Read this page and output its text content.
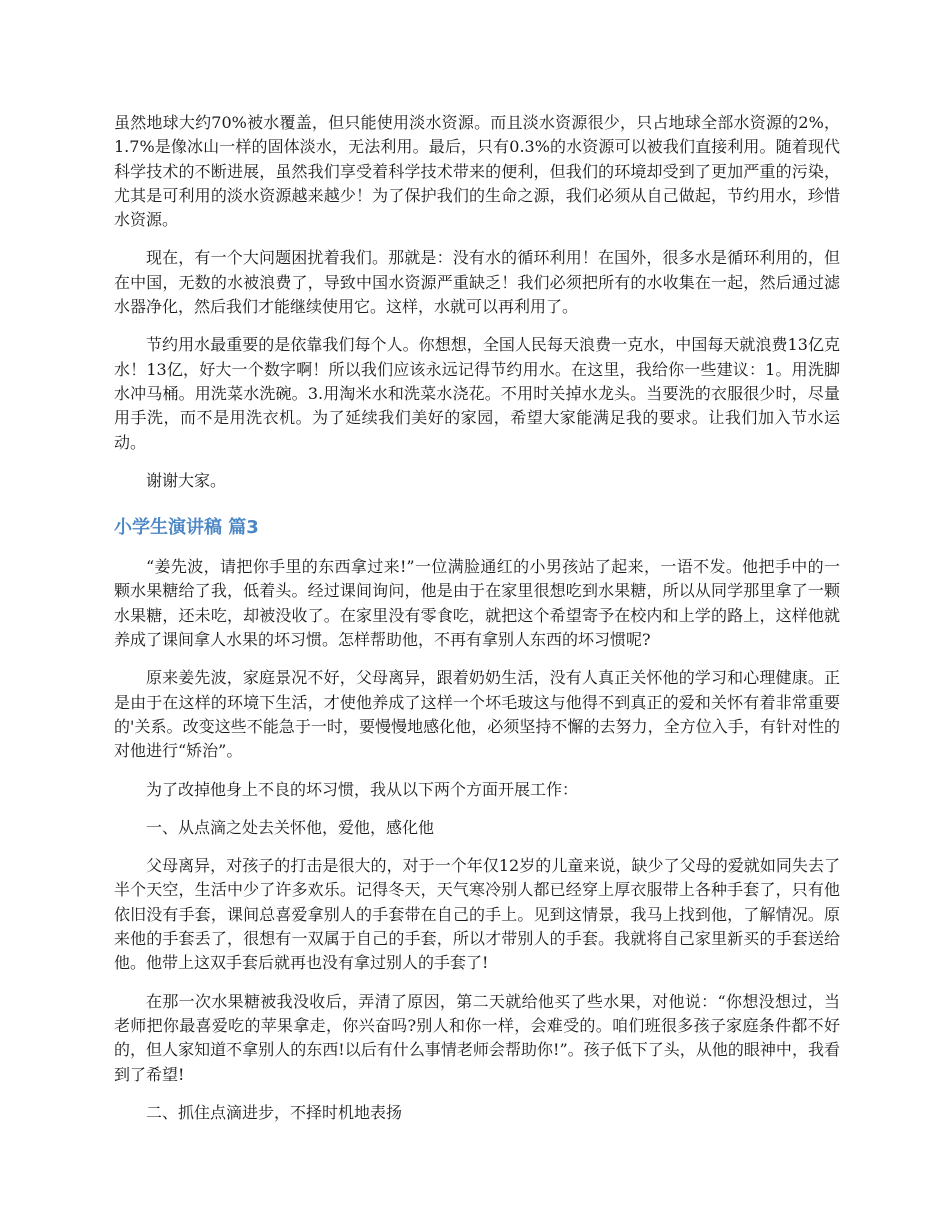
虽然地球大约70%被水覆盖，但只能使用淡水资源。而且淡水资源很少，只占地球全部水资源的2%，1.7%是像冰山一样的固体淡水，无法利用。最后，只有0.3%的水资源可以被我们直接利用。随着现代科学技术的不断进展，虽然我们享受着科学技术带来的便利，但我们的环境却受到了更加严重的污染，尤其是可利用的淡水资源越来越少！为了保护我们的生命之源，我们必须从自己做起，节约用水，珍惜水资源。

现在，有一个大问题困扰着我们。那就是：没有水的循环利用！在国外，很多水是循环利用的，但在中国，无数的水被浪费了，导致中国水资源严重缺乏！我们必须把所有的水收集在一起，然后通过滤水器净化，然后我们才能继续使用它。这样，水就可以再利用了。

节约用水最重要的是依靠我们每个人。你想想，全国人民每天浪费一克水，中国每天就浪费13亿克水！13亿，好大一个数字啊！所以我们应该永远记得节约用水。在这里，我给你一些建议：1。用洗脚水冲马桶。用洗菜水洗碗。3.用淘米水和洗菜水浇花。不用时关掉水龙头。当要洗的衣服很少时，尽量用手洗，而不是用洗衣机。为了延续我们美好的家园，希望大家能满足我的要求。让我们加入节水运动。

谢谢大家。

小学生演讲稿 篇3

“姜先波，请把你手里的东西拿过来!”一位满脸通红的小男孩站了起来，一语不发。他把手中的一颗水果糖给了我，低着头。经过课间询问，他是由于在家里很想吃到水果糖，所以从同学那里拿了一颗水果糖，还未吃，却被没收了。在家里没有零食吃，就把这个希望寄予在校内和上学的路上，这样他就养成了课间拿人水果的坏习惯。怎样帮助他，不再有拿别人东西的坏习惯呢?

原来姜先波，家庭景况不好，父母离异，跟着奶奶生活，没有人真正关怀他的学习和心理健康。正是由于在这样的环境下生活，才使他养成了这样一个坏毛玻这与他得不到真正的爱和关怀有着非常重要的'关系。改变这些不能急于一时，要慢慢地感化他，必须坚持不懈的去努力，全方位入手，有针对性的对他进行“矫治”。

为了改掉他身上不良的坏习惯，我从以下两个方面开展工作：

一、从点滴之处去关怀他，爱他，感化他

父母离异，对孩子的打击是很大的，对于一个年仅12岁的儿童来说，缺少了父母的爱就如同失去了半个天空，生活中少了许多欢乐。记得冬天，天气寒冷别人都已经穿上厚衣服带上各种手套了，只有他依旧没有手套，课间总喜爱拿别人的手套带在自己的手上。见到这情景，我马上找到他，了解情况。原来他的手套丢了，很想有一双属于自己的手套，所以才带别人的手套。我就将自己家里新买的手套送给他。他带上这双手套后就再也没有拿过别人的手套了!

在那一次水果糖被我没收后，弄清了原因，第二天就给他买了些水果，对他说：“你想没想过，当老师把你最喜爱吃的苹果拿走，你兴奋吗?别人和你一样，会难受的。咱们班很多孩子家庭条件都不好的，但人家知道不拿别人的东西!以后有什么事情老师会帮助你!”。孩子低下了头，从他的眼神中，我看到了希望!

二、抓住点滴进步，不择时机地表扬
